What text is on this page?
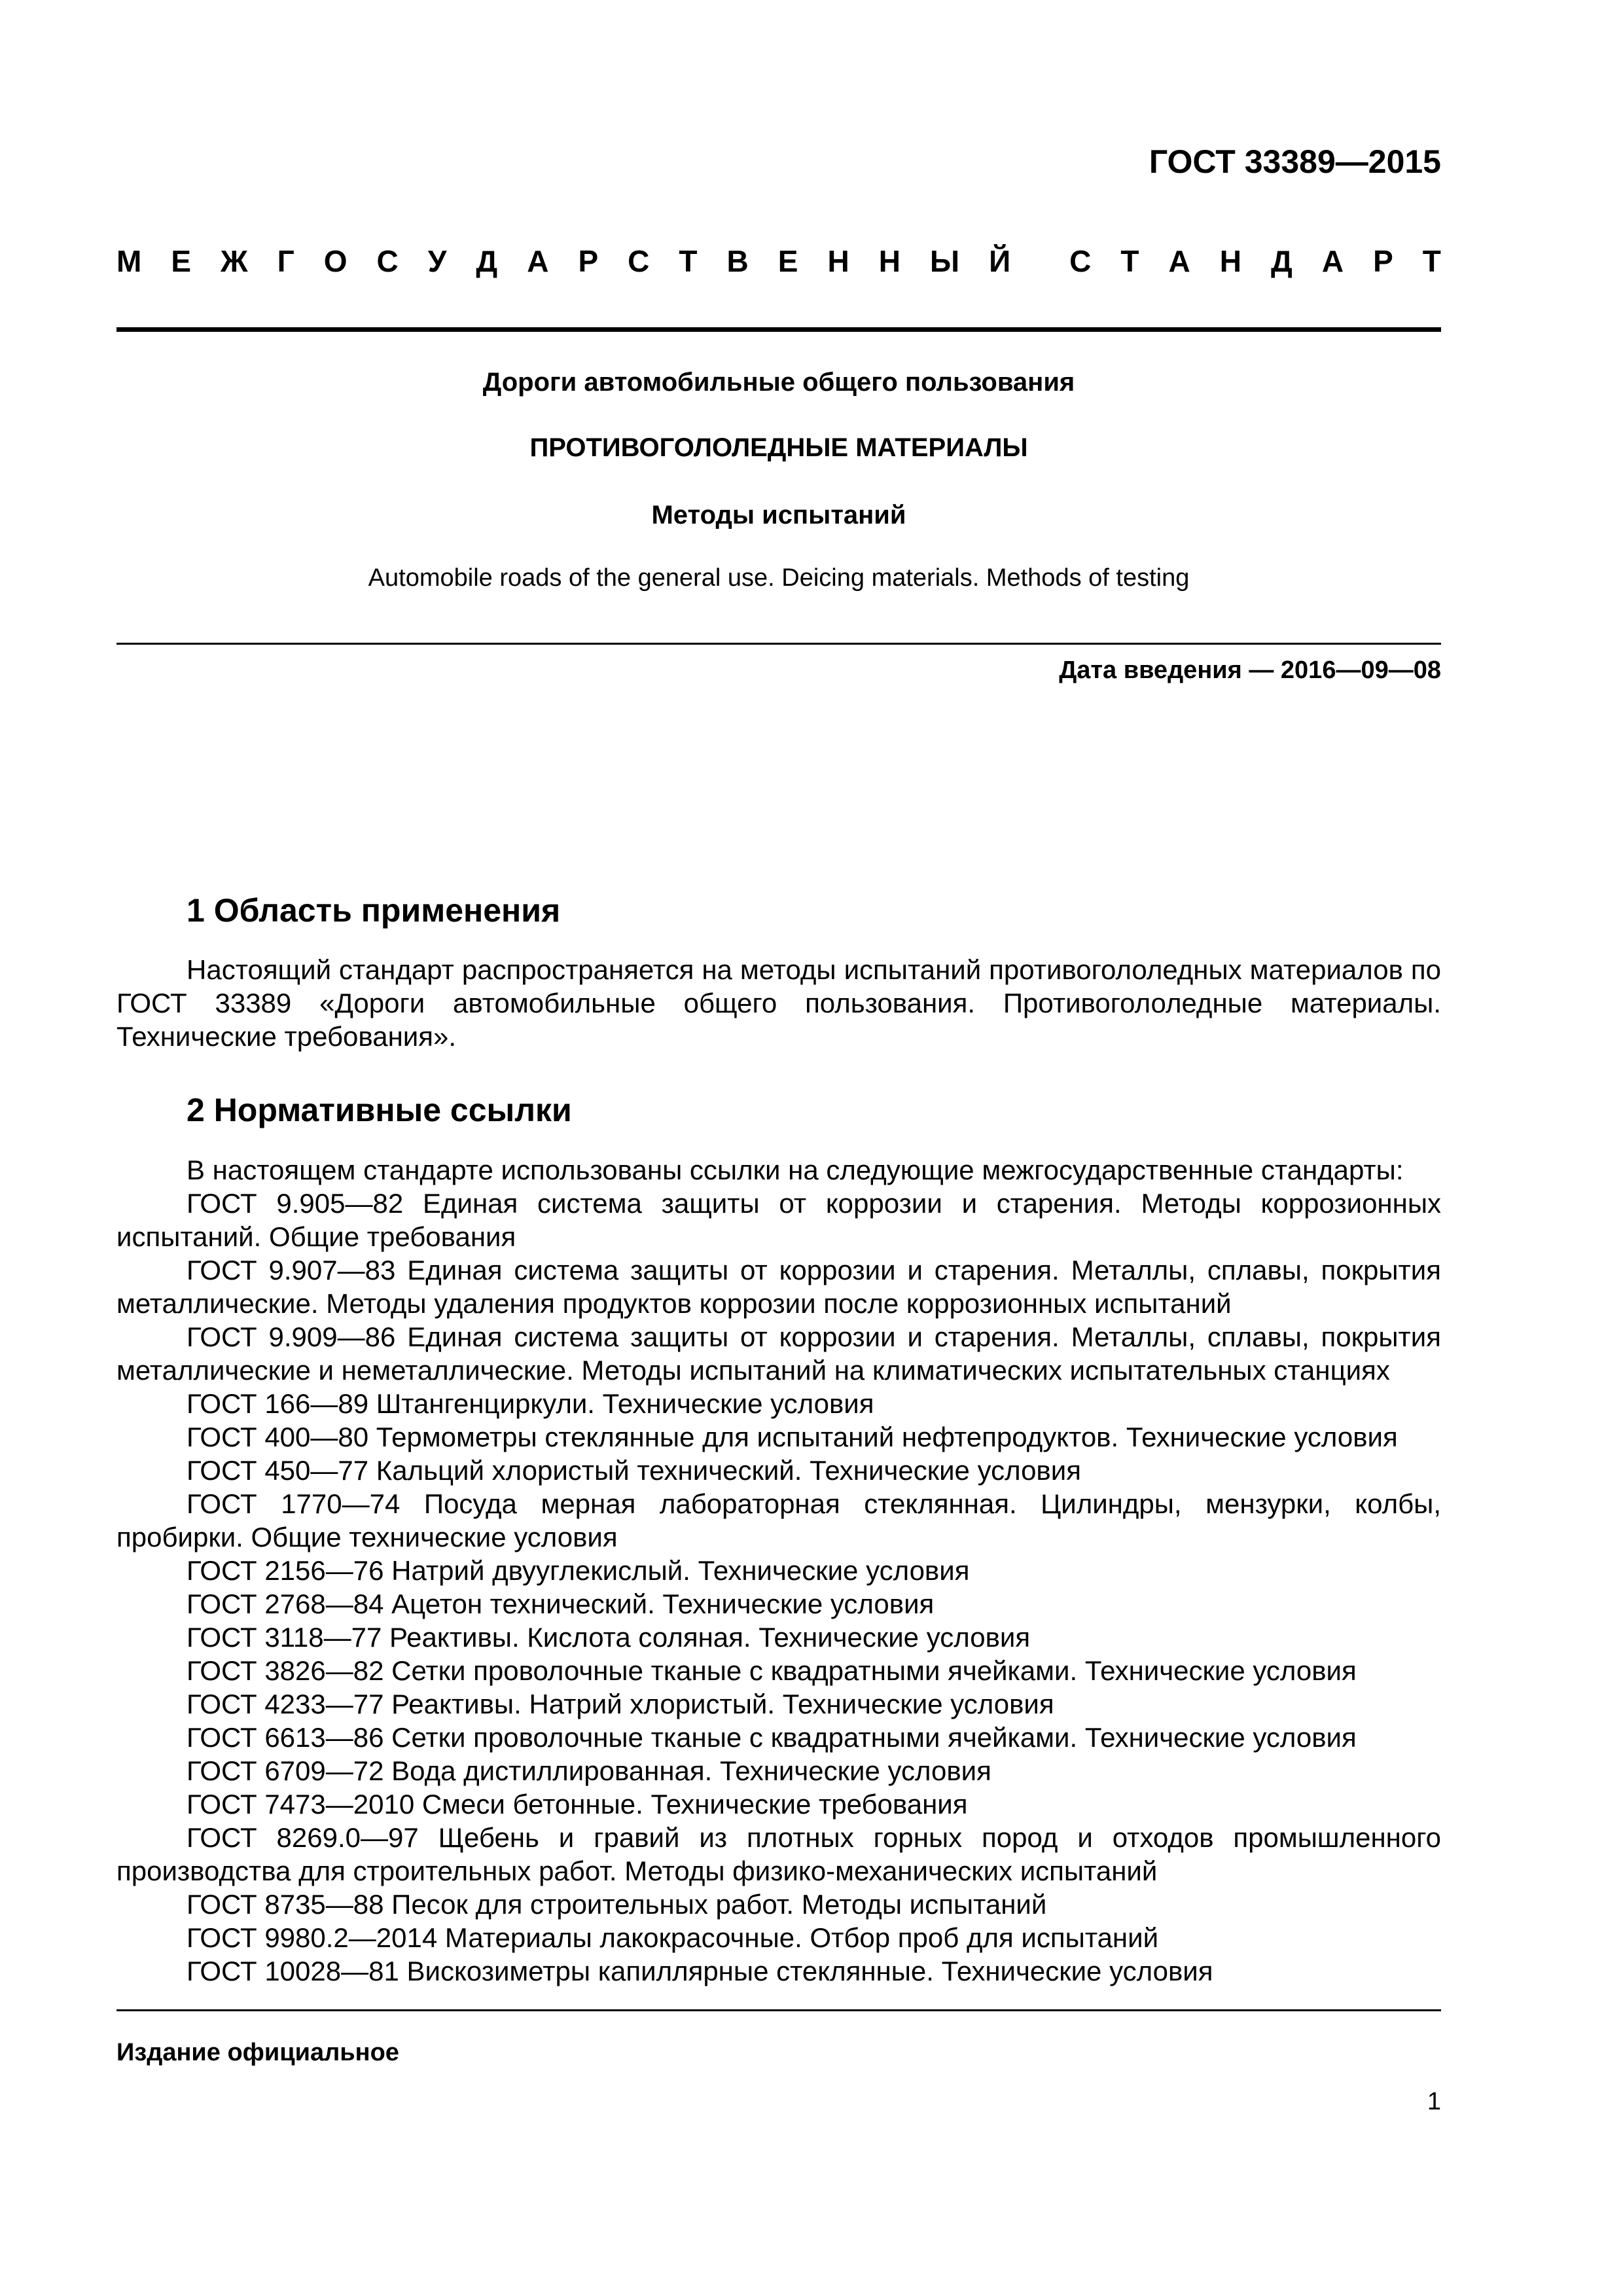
ГОСТ 33389—2015
М Е Ж Г О С У Д А Р С Т В Е Н Н Ы Й С Т А Н Д А Р Т
Дороги автомобильные общего пользования
ПРОТИВОГОЛОЛЕДНЫЕ МАТЕРИАЛЫ
Методы испытаний
Automobile roads of the general use. Deicing materials. Methods of testing
Дата введения — 2016—09—08
1 Область применения

Настоящий стандарт распространяется на методы испытаний противогололедных материалов по ГОСТ 33389 «Дороги автомобильные общего пользования. Противогололедные материалы. Технические требования».

2 Нормативные ссылки

В настоящем стандарте использованы ссылки на следующие межгосударственные стандарты:

ГОСТ 9.905—82 Единая система защиты от коррозии и старения. Методы коррозионных испытаний. Общие требования

ГОСТ 9.907—83 Единая система защиты от коррозии и старения. Металлы, сплавы, покрытия металлические. Методы удаления продуктов коррозии после коррозионных испытаний

ГОСТ 9.909—86 Единая система защиты от коррозии и старения. Металлы, сплавы, покрытия металлические и неметаллические. Методы испытаний на климатических испытательных станциях

ГОСТ 166—89 Штангенциркули. Технические условия

ГОСТ 400—80 Термометры стеклянные для испытаний нефтепродуктов. Технические условия

ГОСТ 450—77 Кальций хлористый технический. Технические условия

ГОСТ 1770—74 Посуда мерная лабораторная стеклянная. Цилиндры, мензурки, колбы, пробирки. Общие технические условия

ГОСТ 2156—76 Натрий двууглекислый. Технические условия

ГОСТ 2768—84 Ацетон технический. Технические условия

ГОСТ 3118—77 Реактивы. Кислота соляная. Технические условия

ГОСТ 3826—82 Сетки проволочные тканые с квадратными ячейками. Технические условия

ГОСТ 4233—77 Реактивы. Натрий хлористый. Технические условия

ГОСТ 6613—86 Сетки проволочные тканые с квадратными ячейками. Технические условия

ГОСТ 6709—72 Вода дистиллированная. Технические условия

ГОСТ 7473—2010 Смеси бетонные. Технические требования

ГОСТ 8269.0—97 Щебень и гравий из плотных горных пород и отходов промышленного производства для строительных работ. Методы физико-механических испытаний

ГОСТ 8735—88 Песок для строительных работ. Методы испытаний

ГОСТ 9980.2—2014 Материалы лакокрасочные. Отбор проб для испытаний

ГОСТ 10028—81 Вискозиметры капиллярные стеклянные. Технические условия

Издание официальное
1
